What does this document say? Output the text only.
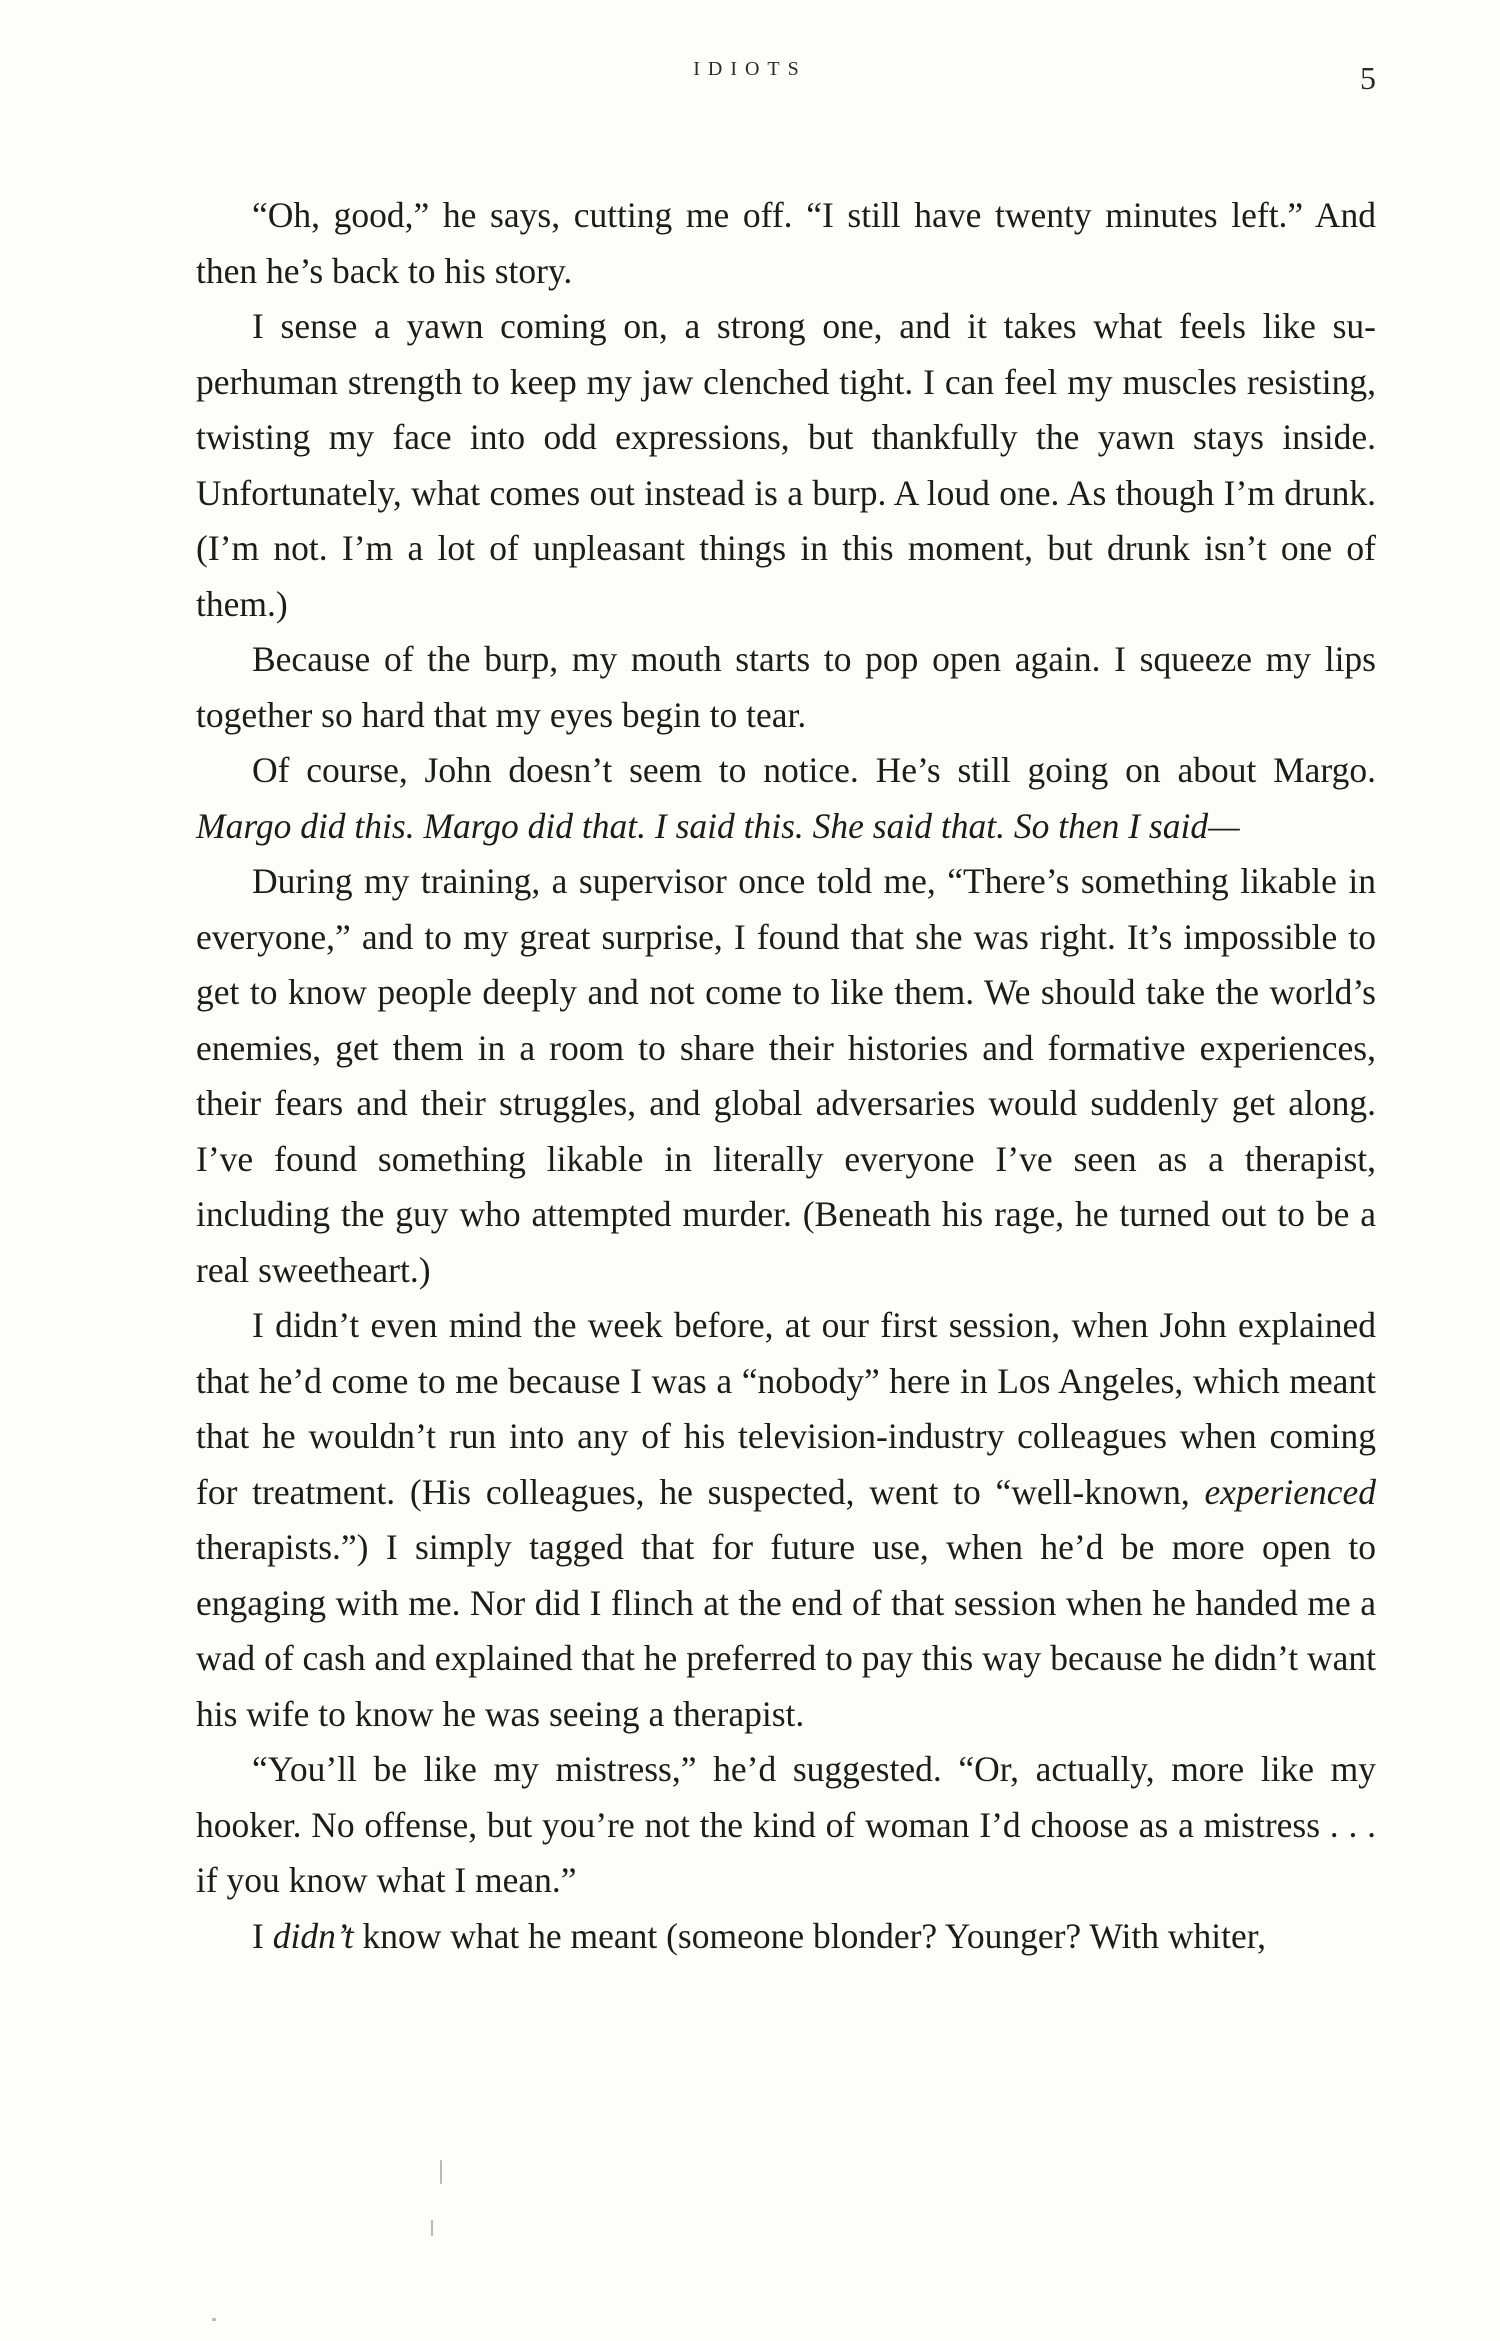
IDIOTS	5

“Oh, good,” he says, cutting me off. “I still have twenty minutes left.” And then he’s back to his story.

I sense a yawn coming on, a strong one, and it takes what feels like superhuman strength to keep my jaw clenched tight. I can feel my muscles resisting, twisting my face into odd expressions, but thankfully the yawn stays inside. Unfortunately, what comes out instead is a burp. A loud one. As though I’m drunk. (I’m not. I’m a lot of unpleasant things in this moment, but drunk isn’t one of them.)

Because of the burp, my mouth starts to pop open again. I squeeze my lips together so hard that my eyes begin to tear.

Of course, John doesn’t seem to notice. He’s still going on about Margo. Margo did this. Margo did that. I said this. She said that. So then I said—

During my training, a supervisor once told me, “There’s something likable in everyone,” and to my great surprise, I found that she was right. It’s impossible to get to know people deeply and not come to like them. We should take the world’s enemies, get them in a room to share their histories and formative experiences, their fears and their struggles, and global adversaries would suddenly get along. I’ve found something likable in literally everyone I’ve seen as a therapist, including the guy who attempted murder. (Beneath his rage, he turned out to be a real sweetheart.)

I didn’t even mind the week before, at our first session, when John explained that he’d come to me because I was a “nobody” here in Los Angeles, which meant that he wouldn’t run into any of his television-industry colleagues when coming for treatment. (His colleagues, he suspected, went to “well-known, experienced therapists.”) I simply tagged that for future use, when he’d be more open to engaging with me. Nor did I flinch at the end of that session when he handed me a wad of cash and explained that he preferred to pay this way because he didn’t want his wife to know he was seeing a therapist.

“You’ll be like my mistress,” he’d suggested. “Or, actually, more like my hooker. No offense, but you’re not the kind of woman I’d choose as a mistress . . . if you know what I mean.”

I didn’t know what he meant (someone blonder? Younger? With whiter,
